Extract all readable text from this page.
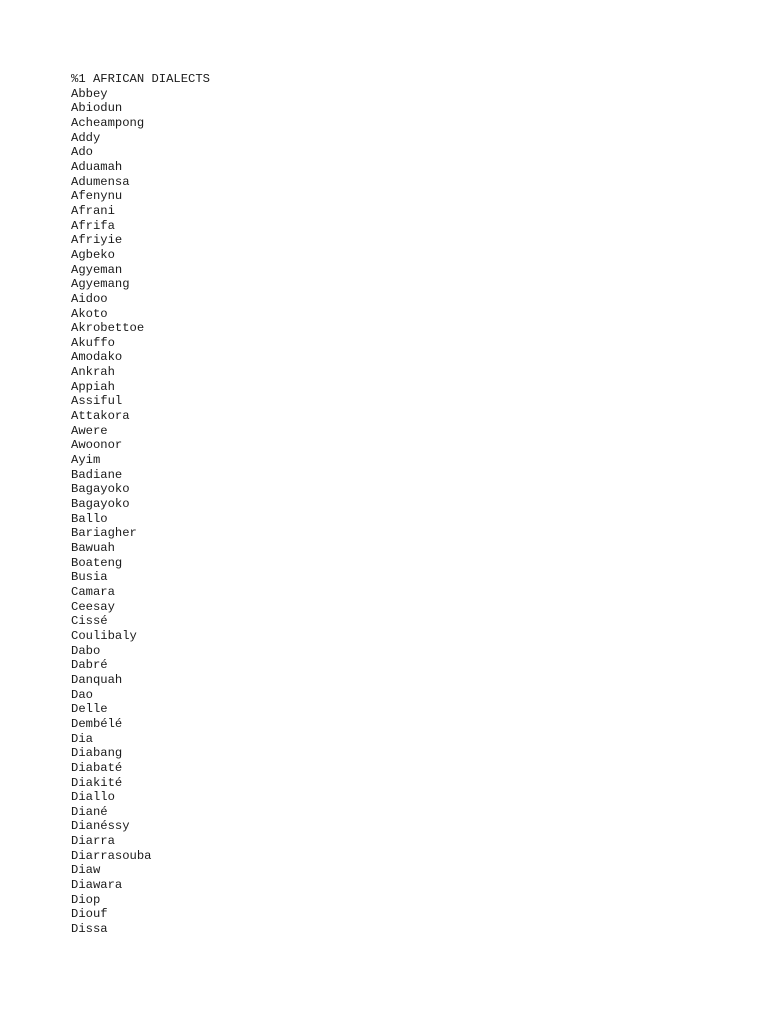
%1 AFRICAN DIALECTS
Abbey
Abiodun
Acheampong
Addy
Ado
Aduamah
Adumensa
Afenynu
Afrani
Afrifa
Afriyie
Agbeko
Agyeman
Agyemang
Aidoo
Akoto
Akrobettoe
Akuffo
Amodako
Ankrah
Appiah
Assiful
Attakora
Awere
Awoonor
Ayim
Badiane
Bagayoko
Bagayoko
Ballo
Bariagher
Bawuah
Boateng
Busia
Camara
Ceesay
Cissé
Coulibaly
Dabo
Dabré
Danquah
Dao
Delle
Dembélé
Dia
Diabang
Diabaté
Diakité
Diallo
Diané
Dianéssy
Diarra
Diarrasouba
Diaw
Diawara
Diop
Diouf
Dissa
